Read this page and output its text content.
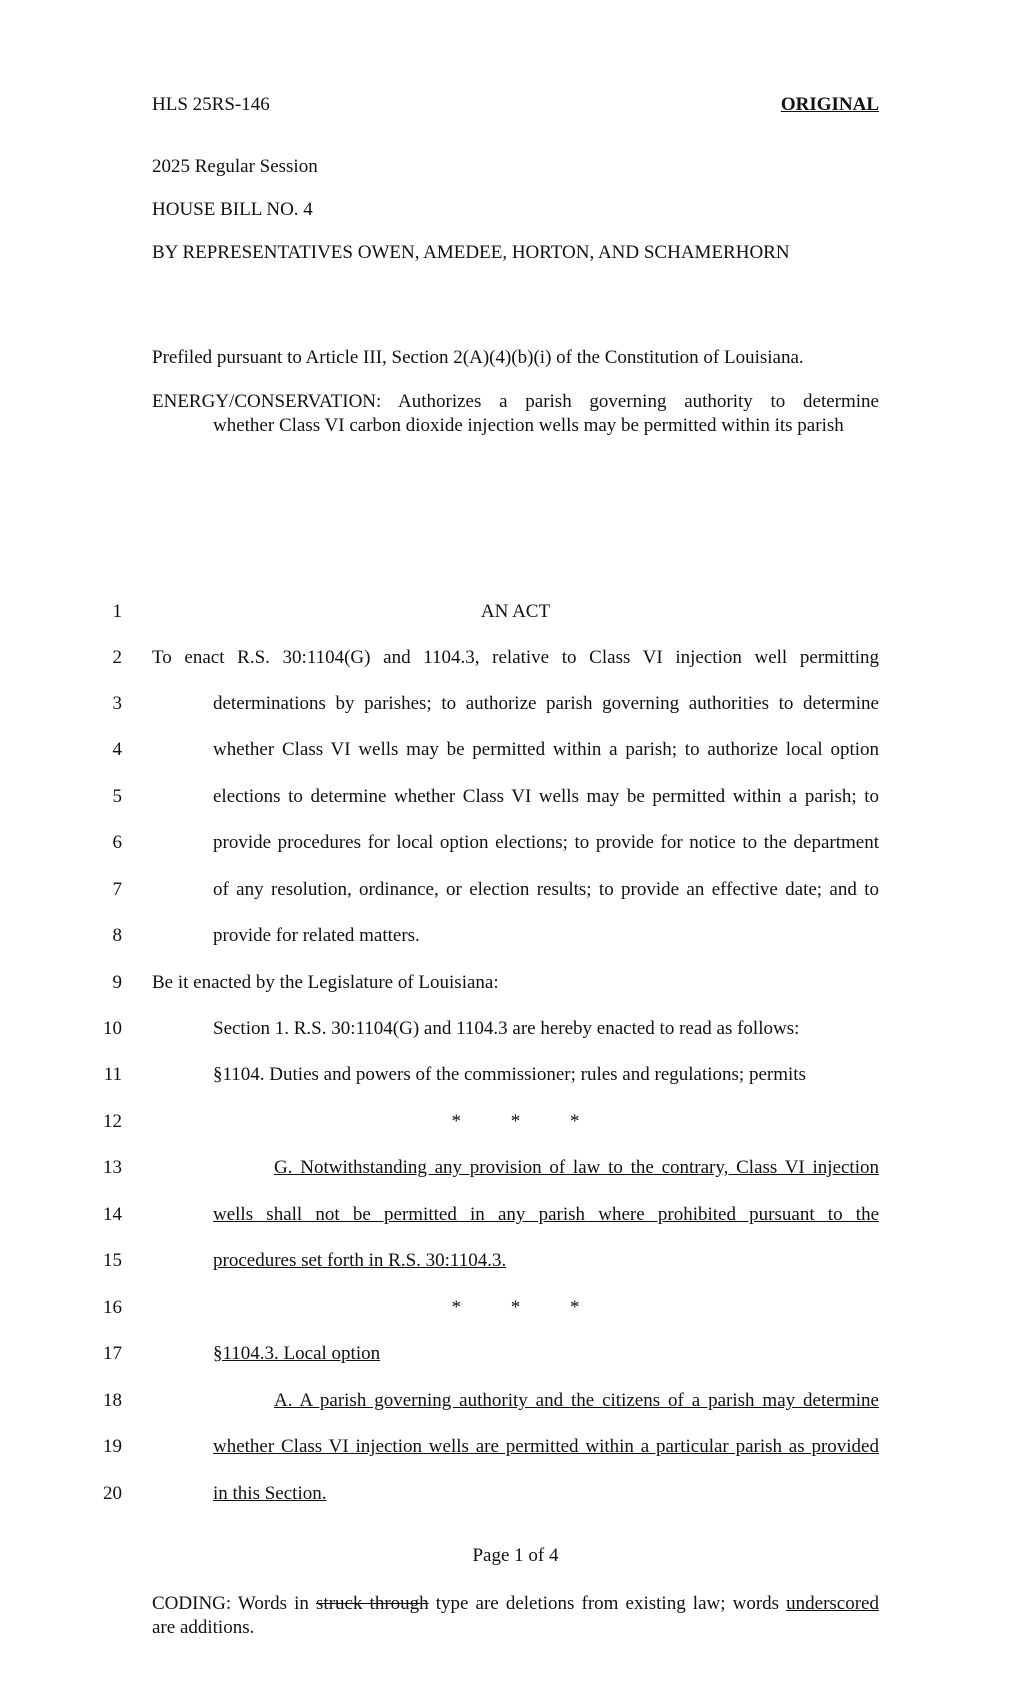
HLS 25RS-146	ORIGINAL
2025 Regular Session
HOUSE BILL NO. 4
BY REPRESENTATIVES OWEN, AMEDEE, HORTON, AND SCHAMERHORN
Prefiled pursuant to Article III, Section 2(A)(4)(b)(i) of the Constitution of Louisiana.
ENERGY/CONSERVATION: Authorizes a parish governing authority to determine
whether Class VI carbon dioxide injection wells may be permitted within its parish
1
2
3
4
5
6
7
8
9
10
11
12
13
14
15
16
17
18
19
20
AN ACT
To enact R.S. 30:1104(G) and 1104.3, relative to Class VI injection well permitting
determinations by parishes; to authorize parish governing authorities to determine
whether Class VI wells may be permitted within a parish; to authorize local option
elections to determine whether Class VI wells may be permitted within a parish; to
provide procedures for local option elections; to provide for notice to the department
of any resolution, ordinance, or election results; to provide an effective date; and to
provide for related matters.
Be it enacted by the Legislature of Louisiana:
Section 1. R.S. 30:1104(G) and 1104.3 are hereby enacted to read as follows:
§1104. Duties and powers of the commissioner; rules and regulations; permits
* * *
G. Notwithstanding any provision of law to the contrary, Class VI injection
wells shall not be permitted in any parish where prohibited pursuant to the
procedures set forth in R.S. 30:1104.3.
* * *
§1104.3. Local option
A. A parish governing authority and the citizens of a parish may determine
whether Class VI injection wells are permitted within a particular parish as provided
in this Section.
Page 1 of 4
CODING: Words in struck through type are deletions from existing law; words underscored
are additions.
